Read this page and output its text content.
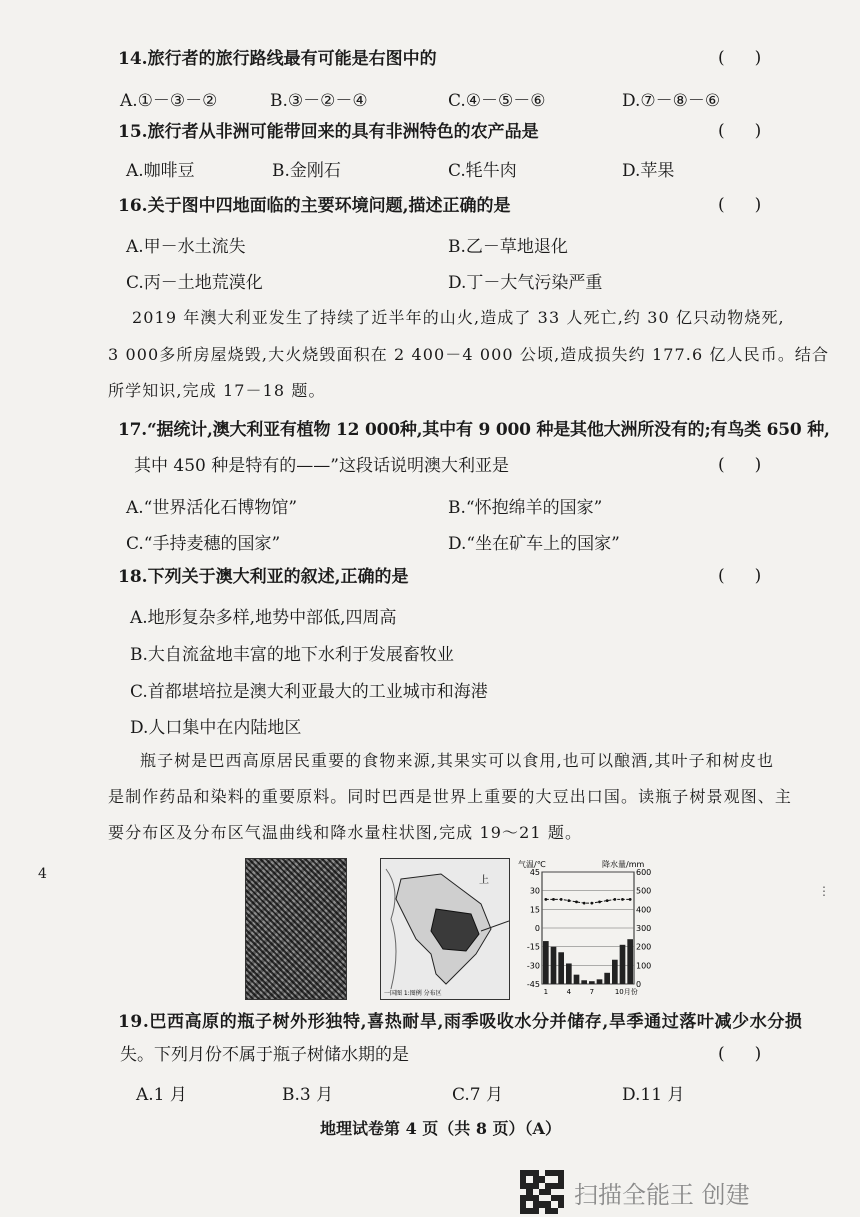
14.旅行者的旅行路线最有可能是右图中的	()
A.①－③－②	B.③－②－④	C.④－⑤－⑥	D.⑦－⑧－⑥
15.旅行者从非洲可能带回来的具有非洲特色的农产品是	()
A.咖啡豆	B.金刚石	C.牦牛肉	D.苹果
16.关于图中四地面临的主要环境问题,描述正确的是	()
A.甲－水土流失	B.乙－草地退化
C.丙－土地荒漠化	D.丁－大气污染严重
2019 年澳大利亚发生了持续了近半年的山火,造成了 33 人死亡,约 30 亿只动物烧死,
3 000多所房屋烧毁,大火烧毁面积在 2 400－4 000 公顷,造成损失约 177.6 亿人民币。结合
所学知识,完成 17－18 题。
17.“据统计,澳大利亚有植物 12 000种,其中有 9 000 种是其他大洲所没有的;有鸟类 650 种,
其中 450 种是特有的——”这段话说明澳大利亚是	()
A.“世界活化石博物馆”	B.“怀抱绵羊的国家”
C.“手持麦穗的国家”	D.“坐在矿车上的国家”
18.下列关于澳大利亚的叙述,正确的是	()
A.地形复杂多样,地势中部低,四周高
B.大自流盆地丰富的地下水利于发展畜牧业
C.首都堪培拉是澳大利亚最大的工业城市和海港
D.人口集中在内陆地区
瓶子树是巴西高原居民重要的食物来源,其果实可以食用,也可以酿酒,其叶子和树皮也
是制作药品和染料的重要原料。同时巴西是世界上重要的大豆出口国。读瓶子树景观图、主
要分布区及分布区气温曲线和降水量柱状图,完成 19～21 题。
4
⋮
上
一国图 1:图例 分布区
气温/℃	降水量/mm
45
30
15
0
-15
-30
-45
600
500
400
300
200
100
0
1	4	7	10月份
19.巴西高原的瓶子树外形独特,喜热耐旱,雨季吸收水分并储存,旱季通过落叶减少水分损
失。下列月份不属于瓶子树储水期的是	()
A.1 月	B.3 月	C.7 月	D.11 月
地理试卷第 4 页（共 8 页）（A）
扫描全能王 创建
